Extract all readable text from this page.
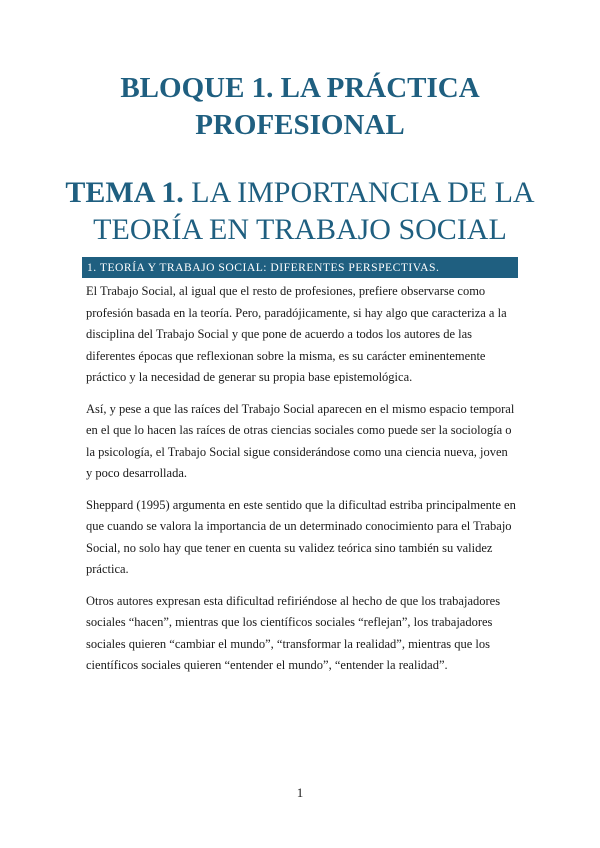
BLOQUE 1. LA PRÁCTICA
PROFESIONAL
TEMA 1. LA IMPORTANCIA DE LA
TEORÍA EN TRABAJO SOCIAL
1. TEORÍA Y TRABAJO SOCIAL: DIFERENTES PERSPECTIVAS.

El Trabajo Social, al igual que el resto de profesiones, prefiere observarse como profesión basada en la teoría. Pero, paradójicamente, si hay algo que caracteriza a la disciplina del Trabajo Social y que pone de acuerdo a todos los autores de las diferentes épocas que reflexionan sobre la misma, es su carácter eminentemente práctico y la necesidad de generar su propia base epistemológica.

Así, y pese a que las raíces del Trabajo Social aparecen en el mismo espacio temporal en el que lo hacen las raíces de otras ciencias sociales como puede ser la sociología o la psicología, el Trabajo Social sigue considerándose como una ciencia nueva, joven y poco desarrollada.

Sheppard (1995) argumenta en este sentido que la dificultad estriba principalmente en que cuando se valora la importancia de un determinado conocimiento para el Trabajo Social, no solo hay que tener en cuenta su validez teórica sino también su validez práctica.

Otros autores expresan esta dificultad refiriéndose al hecho de que los trabajadores sociales “hacen”, mientras que los científicos sociales “reflejan”, los trabajadores sociales quieren “cambiar el mundo”, “transformar la realidad”, mientras que los científicos sociales quieren “entender el mundo”, “entender la realidad”.

1
